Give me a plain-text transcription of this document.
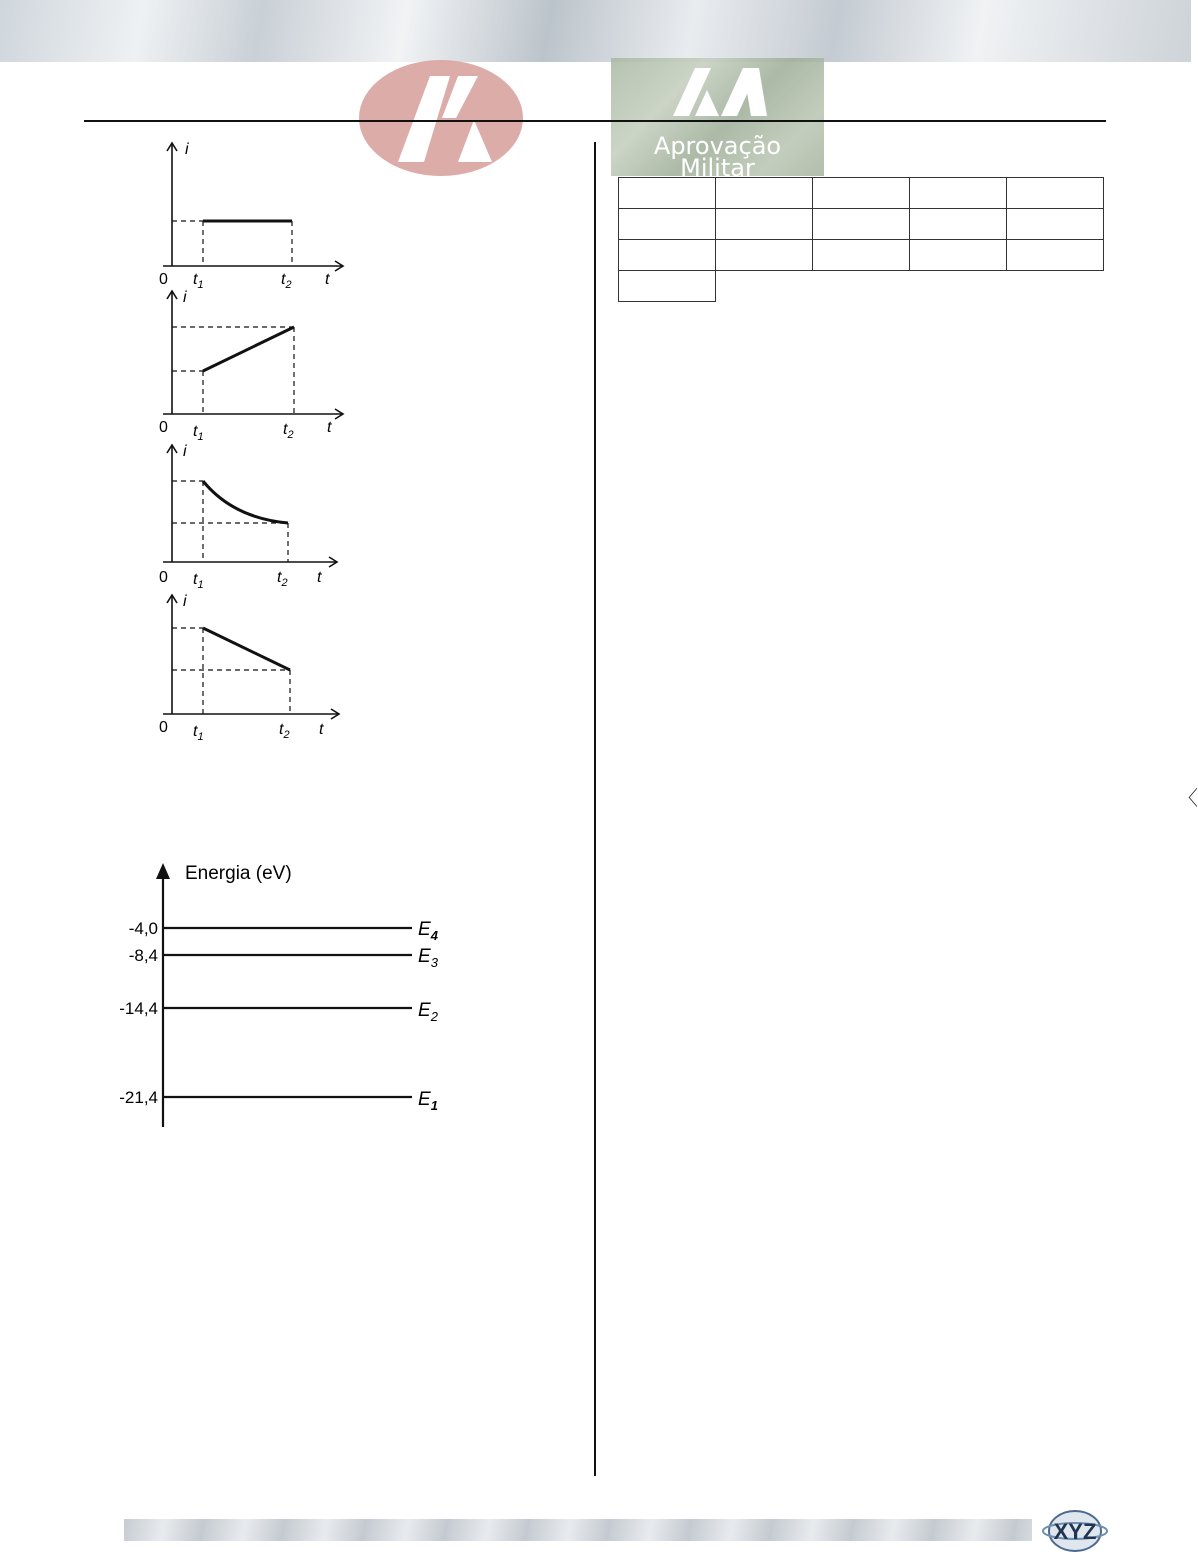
Aprovação
Militar
i
0 $t_1$	$t_2$ t
i
0 $t_1$	$t_2$ t
i
0 $t_1$	$t_2$ t
i
0 $t_1$	$t_2$ t
Energia (eV)
-4,0	$E_4$
-8,4	$E_3$
-14,4	$E_2$
-21,4	$E_1$

〈
XYZ
